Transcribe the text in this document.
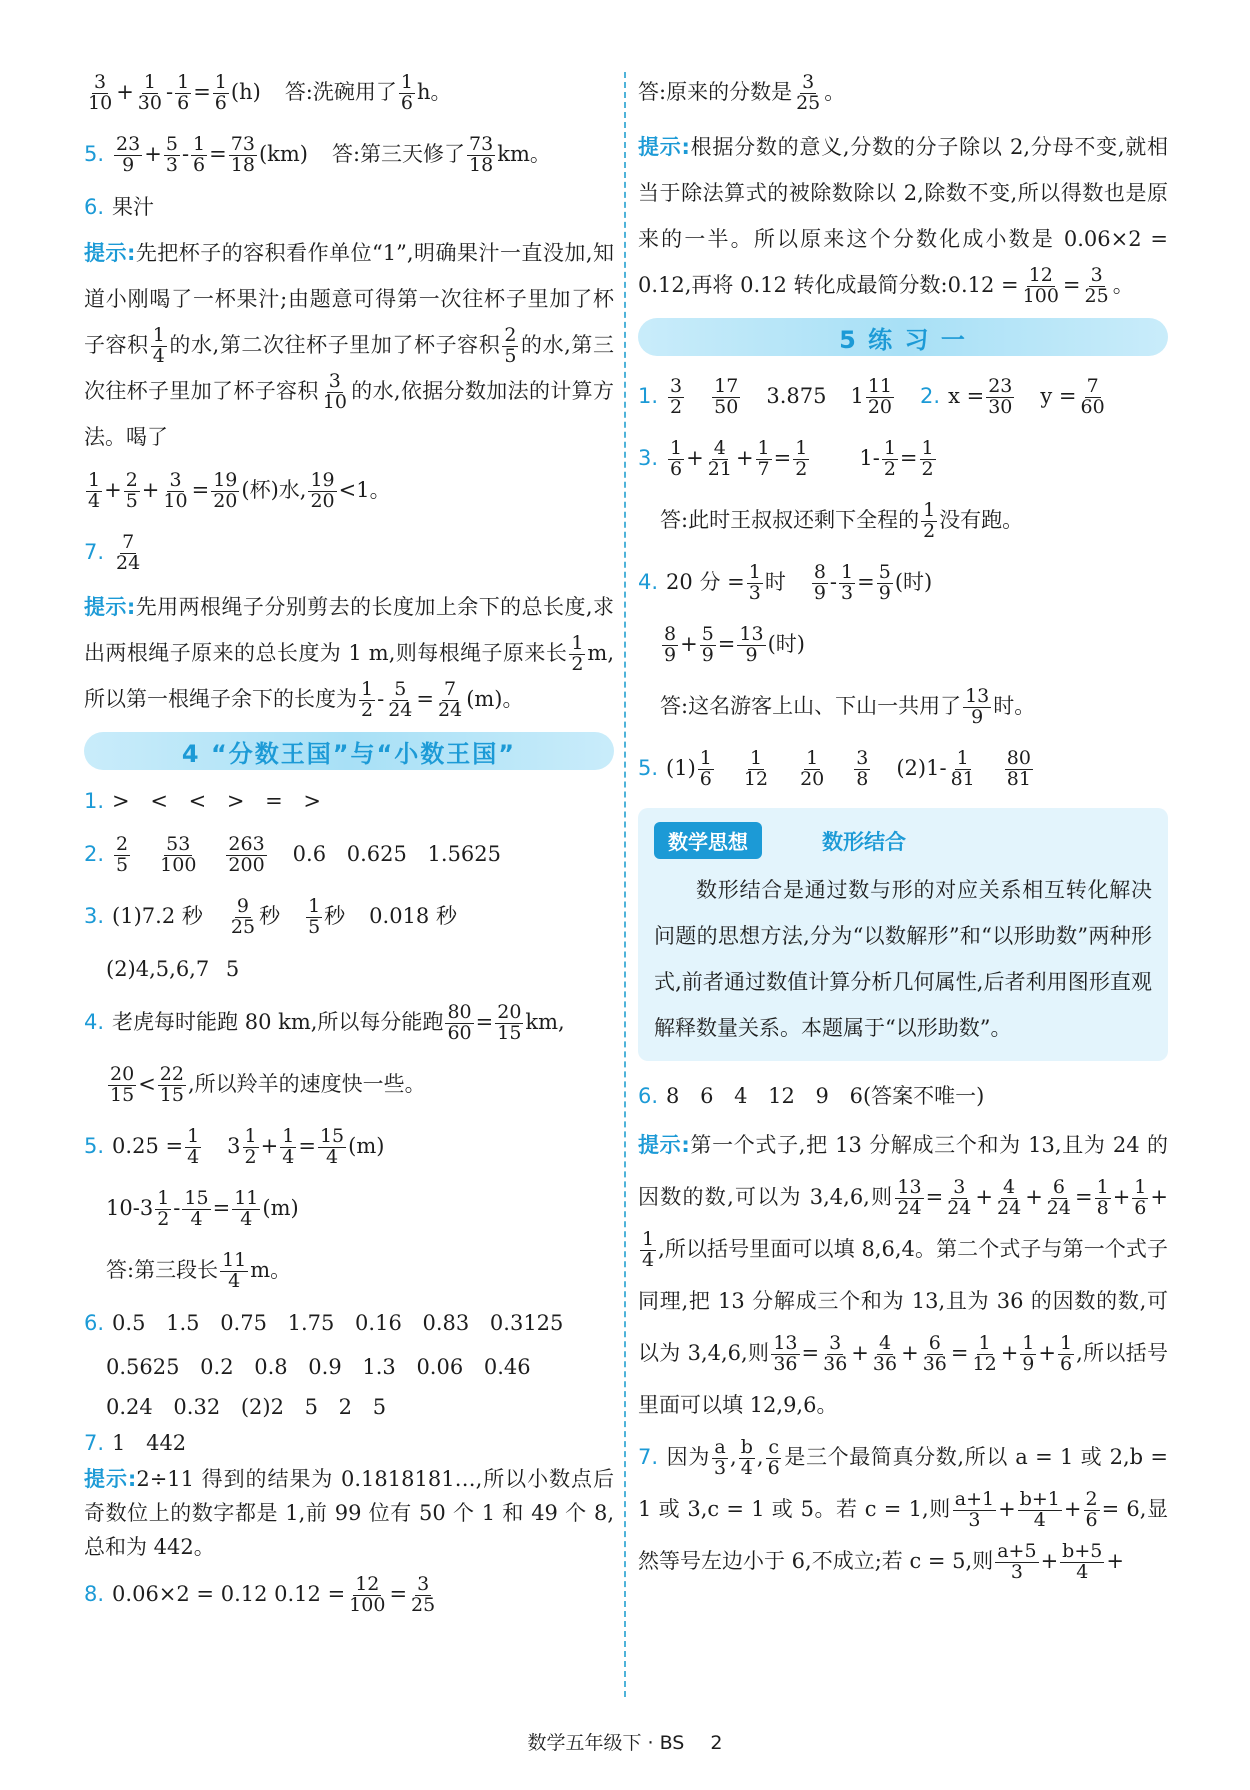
$\frac{3}{10} + \frac{1}{30} - \frac{1}{6} = \frac{1}{6} (h)$ 答:洗碗用了 $\frac{1}{6}$ h。
5. $\frac{23}{9} + \frac{5}{3} - \frac{1}{6} = \frac{73}{18} (km)$ 答:第三天修了 $\frac{73}{18}$ km。
6. 果汁
提示:先把杯子的容积看作单位“1”,明确果汁一直没加,知道小刚喝了一杯果汁;由题意可得第一次往杯子里加了杯子容积 $\frac{1}{4}$ 的水,第二次往杯子里加了杯子容积 $\frac{2}{5}$ 的水,第三次往杯子里加了杯子容积 $\frac{3}{10}$ 的水,依据分数加法的计算方法。喝了
$\frac{1}{4} + \frac{2}{5} + \frac{3}{10} = \frac{19}{20}$ (杯)水, $\frac{19}{20} <1$。
7. $\frac{7}{24}$
提示:先用两根绳子分别剪去的长度加上余下的总长度,求出两根绳子原来的总长度为 1 m,则每根绳子原来长 $\frac{1}{2} m$,所以第一根绳子余下的长度为 $\frac{1}{2} - \frac{5}{24} = \frac{7}{24} (m)$。
4 “分数王国”与“小数王国”
1. > < < > = >
2. $\frac{2}{5} \frac{53}{100} \frac{263}{200} 0.6$ 0.625 1.5625
3. (1)7.2 秒 $\frac{9}{25}$ 秒 $\frac{1}{5}$ 秒 0.018 秒
(2)4,5,6,7 5
4. 老虎每时能跑 80 km,所以每分能跑 $\frac{80}{60} = \frac{20}{15}$ km,
$\frac{20}{15} < \frac{22}{15}$ ,所以羚羊的速度快一些。
5. $0.25 = \frac{1}{4} 3 \frac{1}{2} + \frac{1}{4} = \frac{15}{4} (m)$
$10-3 \frac{1}{2} - \frac{15}{4} = \frac{11}{4} (m)$
答:第三段长 $\frac{11}{4}$ m。
6. 0.5 1.5 0.75 1.75 0.16 0.83 0.3125
0.5625 0.2 0.8 0.9 1.3 0.06 0.46
0.24 0.32 (2)2 5 2 5
7. 1 442
提示:2÷11 得到的结果为 0.1818181…,所以小数点后奇数位上的数字都是 1,前 99 位有 50 个 1 和 49 个 8,总和为 442。
8. 0.06×2 = 0.12 $0.12 = \frac{12}{100} = \frac{3}{25}$
答:原来的分数是 $\frac{3}{25}$ 。
提示:根据分数的意义,分数的分子除以 2,分母不变,就相当于除法算式的被除数除以 2,除数不变,所以得数也是原来的一半。所以原来这个分数化成小数是 0.06×2 = 0.12,再将 0.12 转化成最简分数:0.12 = $\frac{12}{100} = \frac{3}{25}$ 。
5 练 习 一
1. $\frac{3}{2} \frac{17}{50} 3.875$ $1 \frac{11}{20} 2$. $x = \frac{23}{30}$ $y = \frac{7}{60}$
3. $\frac{1}{6} + \frac{4}{21} + \frac{1}{7} = \frac{1}{2} 1- \frac{1}{2} = \frac{1}{2}$
答:此时王叔叔还剩下全程的 $\frac{1}{2}$ 没有跑。
4. 20 分 = $\frac{1}{3}$ 时 $\frac{8}{9} - \frac{1}{3} = \frac{5}{9}$ (时)
$\frac{8}{9} + \frac{5}{9} = \frac{13}{9}$ (时)
答:这名游客上山、下山一共用了 $\frac{13}{9}$ 时。
5. $(1) \frac{1}{6} \frac{1}{12} \frac{1}{20} \frac{3}{8} (2)1- \frac{1}{81} \frac{80}{81}$
数学思想	数形结合
数形结合是通过数与形的对应关系相互转化解决问题的思想方法,分为“以数解形”和“以形助数”两种形式,前者通过数值计算分析几何属性,后者利用图形直观解释数量关系。本题属于“以形助数”。
6. 8 6 4 12 9 6(答案不唯一)
提示:第一个式子,把 13 分解成三个和为 13,且为 24 的因数的数,可以为 3,4,6,则 $\frac{13}{24} = \frac{3}{24} + \frac{4}{24} + \frac{6}{24} = \frac{1}{8} + \frac{1}{6}$ +
$\frac{1}{4}$ ,所以括号里面可以填 8,6,4。第二个式子与第一个式子同理,把 13 分解成三个和为 13,且为 36 的因数的数,可以为 3,4,6,则 $\frac{13}{36} = \frac{3}{36} + \frac{4}{36} + \frac{6}{36} = \frac{1}{12} + \frac{1}{9} + \frac{1}{6}$ ,所以括号里面可以填 12,9,6。
7. 因为 $\frac{a}{3}$ , $\frac{b}{4}$ , $\frac{c}{6}$ 是三个最简真分数,所以 a = 1 或 2,b = 1 或 3,c = 1 或 5。若 c = 1,则 $\frac{a+1}{3} + \frac{b+1}{4} + \frac{2}{6} = 6$,显然等号左边小于 6,不成立;若 c = 5,则 $\frac{a+5}{3} + \frac{b+5}{4}$ +
数学五年级下 · BS 2
